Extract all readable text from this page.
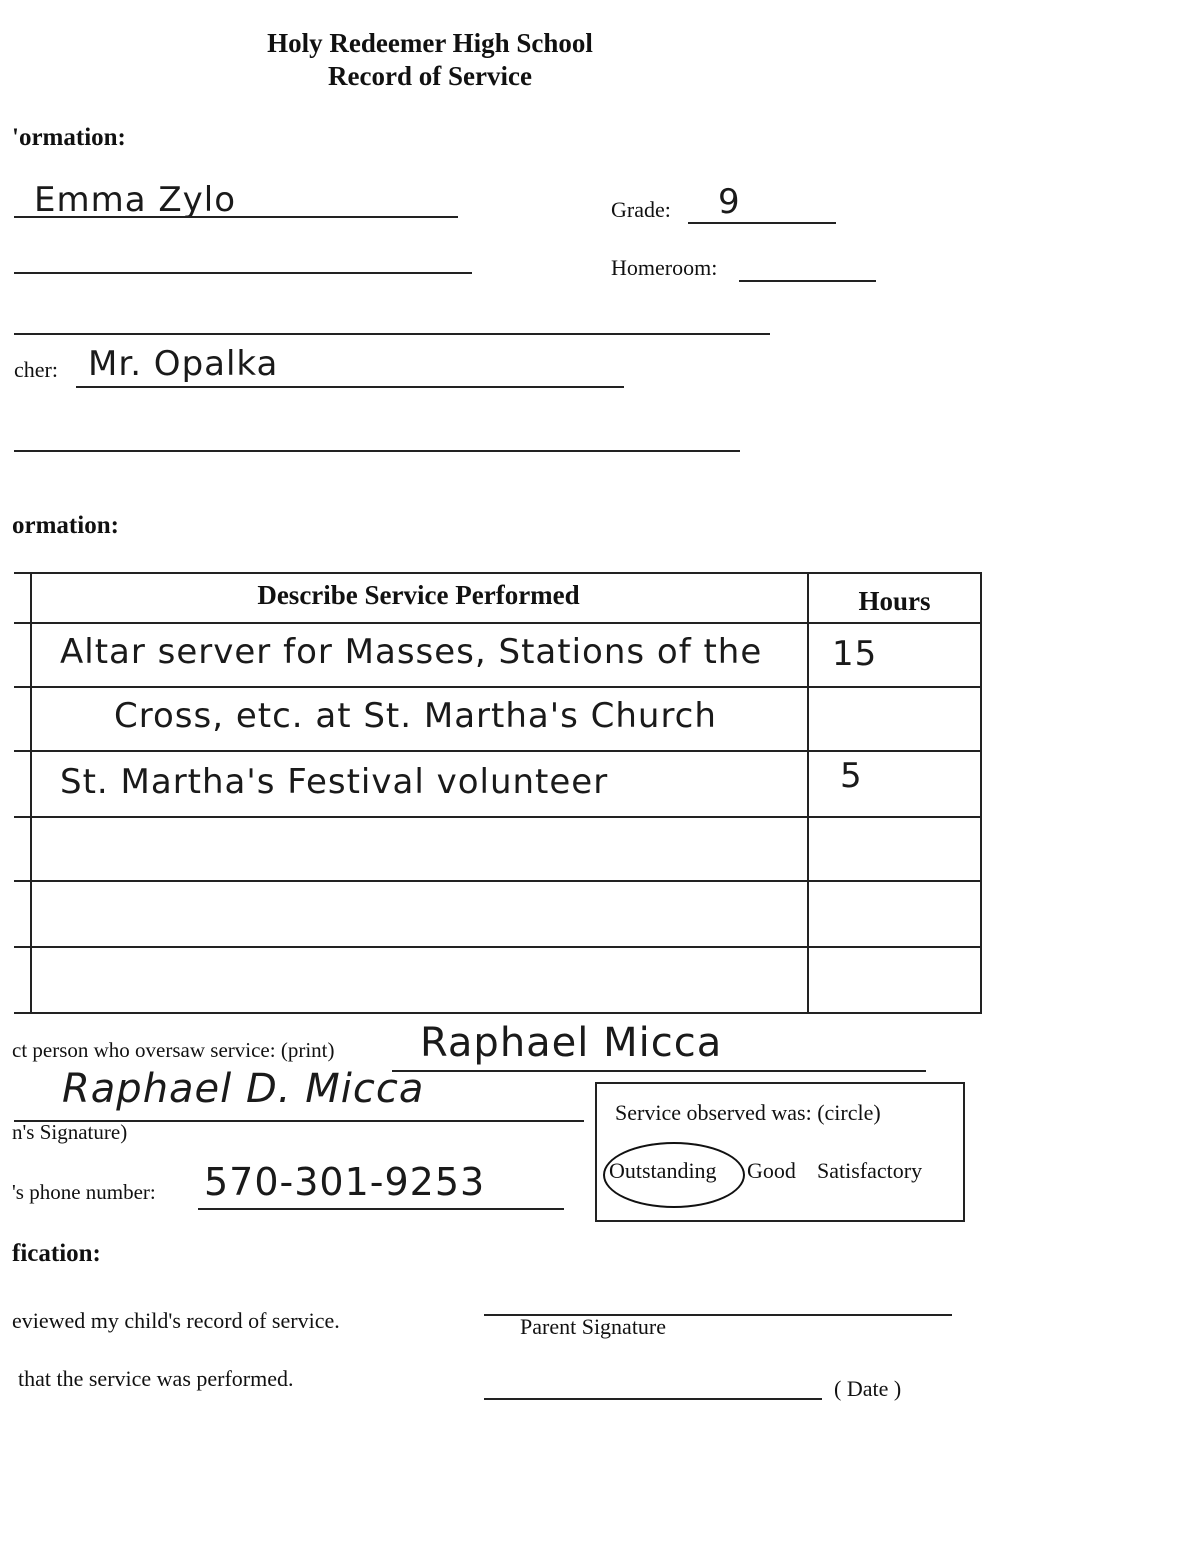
Holy Redeemer High School
Record of Service
'ormation:
Emma Zylo	Grade: 9
Homeroom:
cher: Mr. Opalka
ormation:
Describe Service Performed	Hours
Altar server for Masses, Stations of the 15
Cross, etc. at St. Martha's Church
St. Martha's Festival volunteer	5
ct person who oversaw service: (print) Raphael Micca
Raphael D. Micca
n's Signature)
's phone number: 570-301-9253
Service observed was: (circle)
Outstanding Good Satisfactory
fication:
eviewed my child's record of service.	Parent Signature
that the service was performed.	( Date )
